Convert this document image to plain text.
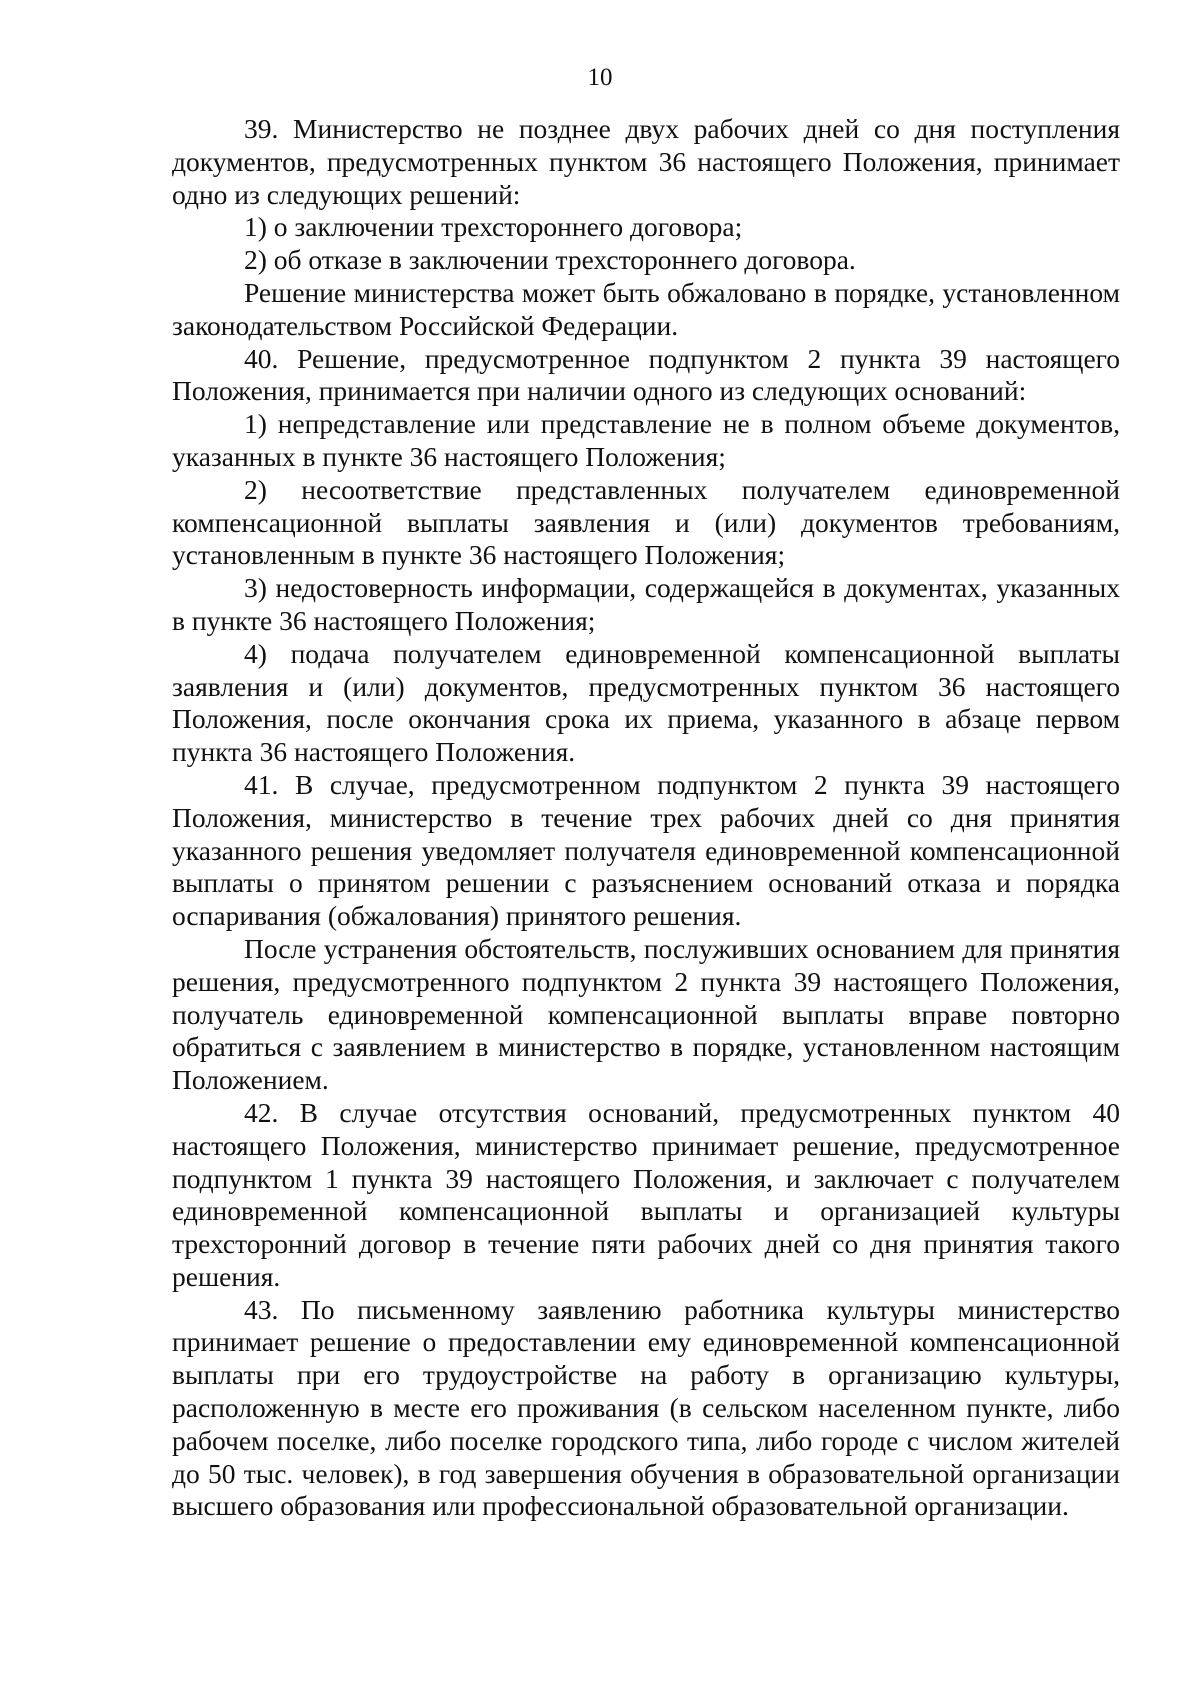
10

39. Министерство не позднее двух рабочих дней со дня поступления документов, предусмотренных пунктом 36 настоящего Положения, принимает одно из следующих решений:

1) о заключении трехстороннего договора;

2) об отказе в заключении трехстороннего договора.

Решение министерства может быть обжаловано в порядке, установленном законодательством Российской Федерации.

40. Решение, предусмотренное подпунктом 2 пункта 39 настоящего Положения, принимается при наличии одного из следующих оснований:

1) непредставление или представление не в полном объеме документов, указанных в пункте 36 настоящего Положения;

2) несоответствие представленных получателем единовременной компенсационной выплаты заявления и (или) документов требованиям, установленным в пункте 36 настоящего Положения;

3) недостоверность информации, содержащейся в документах, указанных в пункте 36 настоящего Положения;

4) подача получателем единовременной компенсационной выплаты заявления и (или) документов, предусмотренных пунктом 36 настоящего Положения, после окончания срока их приема, указанного в абзаце первом пункта 36 настоящего Положения.

41. В случае, предусмотренном подпунктом 2 пункта 39 настоящего Положения, министерство в течение трех рабочих дней со дня принятия указанного решения уведомляет получателя единовременной компенсационной выплаты о принятом решении с разъяснением оснований отказа и порядка оспаривания (обжалования) принятого решения.

После устранения обстоятельств, послуживших основанием для принятия решения, предусмотренного подпунктом 2 пункта 39 настоящего Положения, получатель единовременной компенсационной выплаты вправе повторно обратиться с заявлением в министерство в порядке, установленном настоящим Положением.

42. В случае отсутствия оснований, предусмотренных пунктом 40 настоящего Положения, министерство принимает решение, предусмотренное подпунктом 1 пункта 39 настоящего Положения, и заключает с получателем единовременной компенсационной выплаты и организацией культуры трехсторонний договор в течение пяти рабочих дней со дня принятия такого решения.

43. По письменному заявлению работника культуры министерство принимает решение о предоставлении ему единовременной компенсационной выплаты при его трудоустройстве на работу в организацию культуры, расположенную в месте его проживания (в сельском населенном пункте, либо рабочем поселке, либо поселке городского типа, либо городе с числом жителей до 50 тыс. человек), в год завершения обучения в образовательной организации высшего образования или профессиональной образовательной организации.
